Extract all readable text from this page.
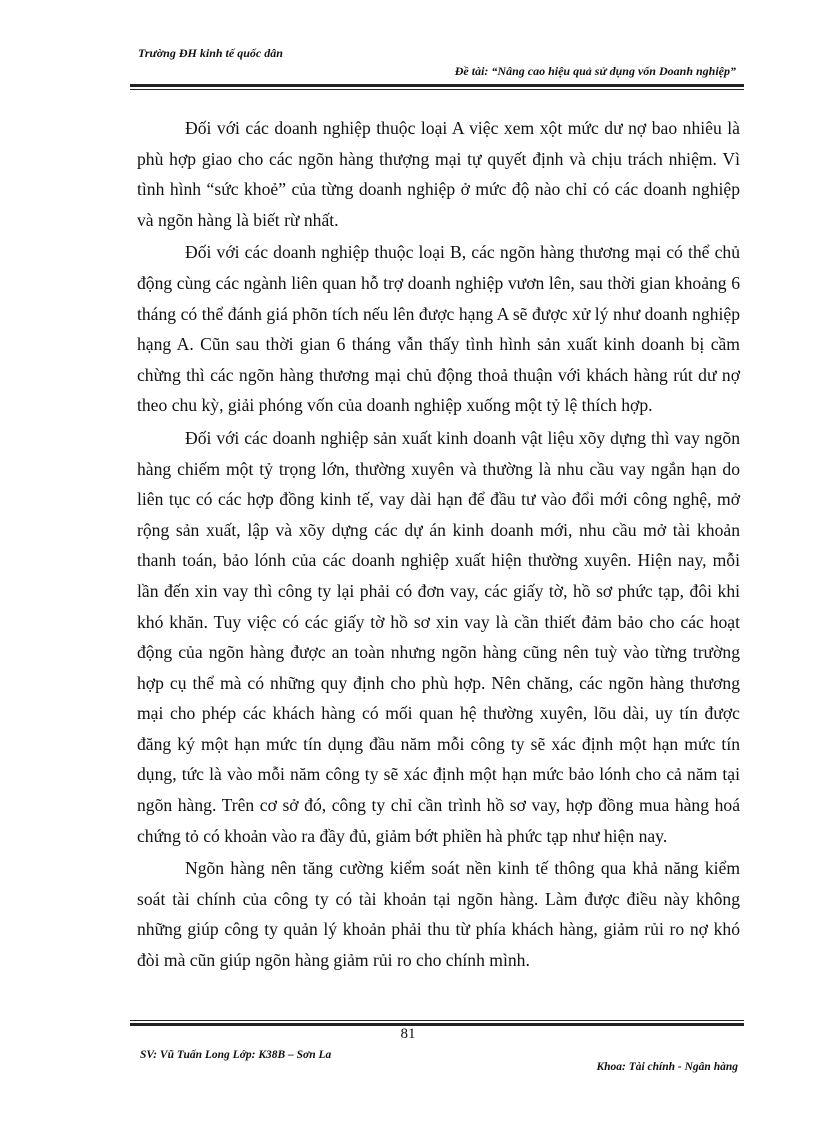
Trường ĐH kinh tế quốc dân
Đề tài: “Nâng cao hiệu quả sử dụng vốn Doanh nghiệp”

Đối với các doanh nghiệp thuộc loại A việc xem xột mức dư nợ bao nhiêu là phù hợp giao cho các ngõn hàng thượng mại tự quyết định và chịu trách nhiệm. Vì tình hình “sức khoẻ” của từng doanh nghiệp ở mức độ nào chỉ có các doanh nghiệp và ngõn hàng là biết rừ nhất.

Đối với các doanh nghiệp thuộc loại B, các ngõn hàng thương mại có thể chủ động cùng các ngành liên quan hỗ trợ doanh nghiệp vươn lên, sau thời gian khoảng 6 tháng có thể đánh giá phõn tích nếu lên được hạng A sẽ được xử lý như doanh nghiệp hạng A. Cũn sau thời gian 6 tháng vẫn thấy tình hình sản xuất kinh doanh bị cầm chừng thì các ngõn hàng thương mại chủ động thoả thuận với khách hàng rút dư nợ theo chu kỳ, giải phóng vốn của doanh nghiệp xuống một tỷ lệ thích hợp.

Đối với các doanh nghiệp sản xuất kinh doanh vật liệu xõy dựng thì vay ngõn hàng chiếm một tỷ trọng lớn, thường xuyên và thường là nhu cầu vay ngắn hạn do liên tục có các hợp đồng kinh tế, vay dài hạn để đầu tư vào đổi mới công nghệ, mở rộng sản xuất, lập và xõy dựng các dự án kinh doanh mới, nhu cầu mở tài khoản thanh toán, bảo lónh của các doanh nghiệp xuất hiện thường xuyên. Hiện nay, mỗi lần đến xin vay thì công ty lại phải có đơn vay, các giấy tờ, hồ sơ phức tạp, đôi khi khó khăn. Tuy việc có các giấy tờ hồ sơ xin vay là cần thiết đảm bảo cho các hoạt động của ngõn hàng được an toàn nhưng ngõn hàng cũng nên tuỳ vào từng trường hợp cụ thể mà có những quy định cho phù hợp. Nên chăng, các ngõn hàng thương mại cho phép các khách hàng có mối quan hệ thường xuyên, lõu dài, uy tín được đăng ký một hạn mức tín dụng đầu năm mỗi công ty sẽ xác định một hạn mức tín dụng, tức là vào mỗi năm công ty sẽ xác định một hạn mức bảo lónh cho cả năm tại ngõn hàng. Trên cơ sở đó, công ty chỉ cần trình hồ sơ vay, hợp đồng mua hàng hoá chứng tỏ có khoản vào ra đầy đủ, giảm bớt phiền hà phức tạp như hiện nay.

Ngõn hàng nên tăng cường kiểm soát nền kinh tế thông qua khả năng kiểm soát tài chính của công ty có tài khoản tại ngõn hàng. Làm được điều này không những giúp công ty quản lý khoản phải thu từ phía khách hàng, giảm rủi ro nợ khó đòi mà cũn giúp ngõn hàng giảm rủi ro cho chính mình.

81
SV: Vũ Tuấn Long Lớp: K38B – Sơn La
Khoa: Tài chính - Ngân hàng
